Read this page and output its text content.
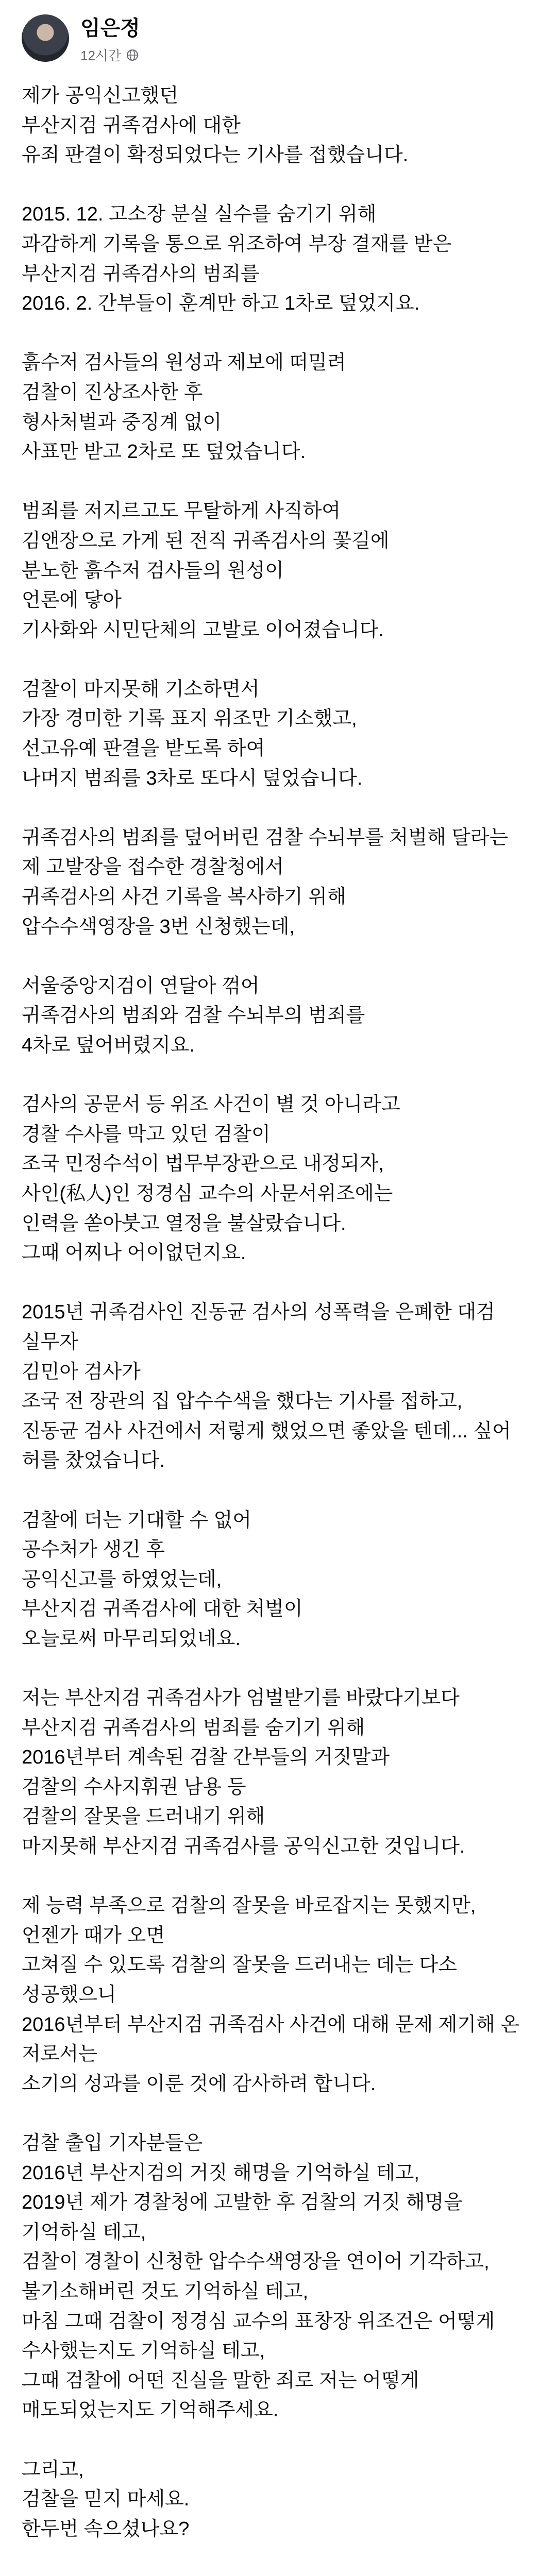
임은정
12시간
제가 공익신고했던
부산지검 귀족검사에 대한
유죄 판결이 확정되었다는 기사를 접했습니다.
2015. 12. 고소장 분실 실수를 숨기기 위해
과감하게 기록을 통으로 위조하여 부장 결재를 받은
부산지검 귀족검사의 범죄를
2016. 2. 간부들이 훈계만 하고 1차로 덮었지요.
흙수저 검사들의 원성과 제보에 떠밀려
검찰이 진상조사한 후
형사처벌과 중징계 없이
사표만 받고 2차로 또 덮었습니다.
범죄를 저지르고도 무탈하게 사직하여
김앤장으로 가게 된 전직 귀족검사의 꽃길에
분노한 흙수저 검사들의 원성이
언론에 닿아
기사화와 시민단체의 고발로 이어졌습니다.
검찰이 마지못해 기소하면서
가장 경미한 기록 표지 위조만 기소했고,
선고유예 판결을 받도록 하여
나머지 범죄를 3차로 또다시 덮었습니다.
귀족검사의 범죄를 덮어버린 검찰 수뇌부를 처벌해 달라는
제 고발장을 접수한 경찰청에서
귀족검사의 사건 기록을 복사하기 위해
압수수색영장을 3번 신청했는데,
서울중앙지검이 연달아 꺾어
귀족검사의 범죄와 검찰 수뇌부의 범죄를
4차로 덮어버렸지요.
검사의 공문서 등 위조 사건이 별 것 아니라고
경찰 수사를 막고 있던 검찰이
조국 민정수석이 법무부장관으로 내정되자,
사인(私人)인 정경심 교수의 사문서위조에는
인력을 쏟아붓고 열정을 불살랐습니다.
그때 어찌나 어이없던지요.
2015년 귀족검사인 진동균 검사의 성폭력을 은폐한 대검 실무자
김민아 검사가
조국 전 장관의 집 압수수색을 했다는 기사를 접하고,
진동균 검사 사건에서 저렇게 했었으면 좋았을 텐데... 싶어
허를 찼었습니다.
검찰에 더는 기대할 수 없어
공수처가 생긴 후
공익신고를 하였었는데,
부산지검 귀족검사에 대한 처벌이
오늘로써 마무리되었네요.
저는 부산지검 귀족검사가 엄벌받기를 바랐다기보다
부산지검 귀족검사의 범죄를 숨기기 위해
2016년부터 계속된 검찰 간부들의 거짓말과
검찰의 수사지휘권 남용 등
검찰의 잘못을 드러내기 위해
마지못해 부산지검 귀족검사를 공익신고한 것입니다.
제 능력 부족으로 검찰의 잘못을 바로잡지는 못했지만,
언젠가 때가 오면
고쳐질 수 있도록 검찰의 잘못을 드러내는 데는 다소 성공했으니
2016년부터 부산지검 귀족검사 사건에 대해 문제 제기해 온 저로서는
소기의 성과를 이룬 것에 감사하려 합니다.
검찰 출입 기자분들은
2016년 부산지검의 거짓 해명을 기억하실 테고,
2019년 제가 경찰청에 고발한 후 검찰의 거짓 해명을 기억하실 테고,
검찰이 경찰이 신청한 압수수색영장을 연이어 기각하고, 불기소해버린 것도 기억하실 테고,
마침 그때 검찰이 정경심 교수의 표창장 위조건은 어떻게 수사했는지도 기억하실 테고,
그때 검찰에 어떤 진실을 말한 죄로 저는 어떻게 매도되었는지도 기억해주세요.
그리고,
검찰을 믿지 마세요.
한두번 속으셨나요?
